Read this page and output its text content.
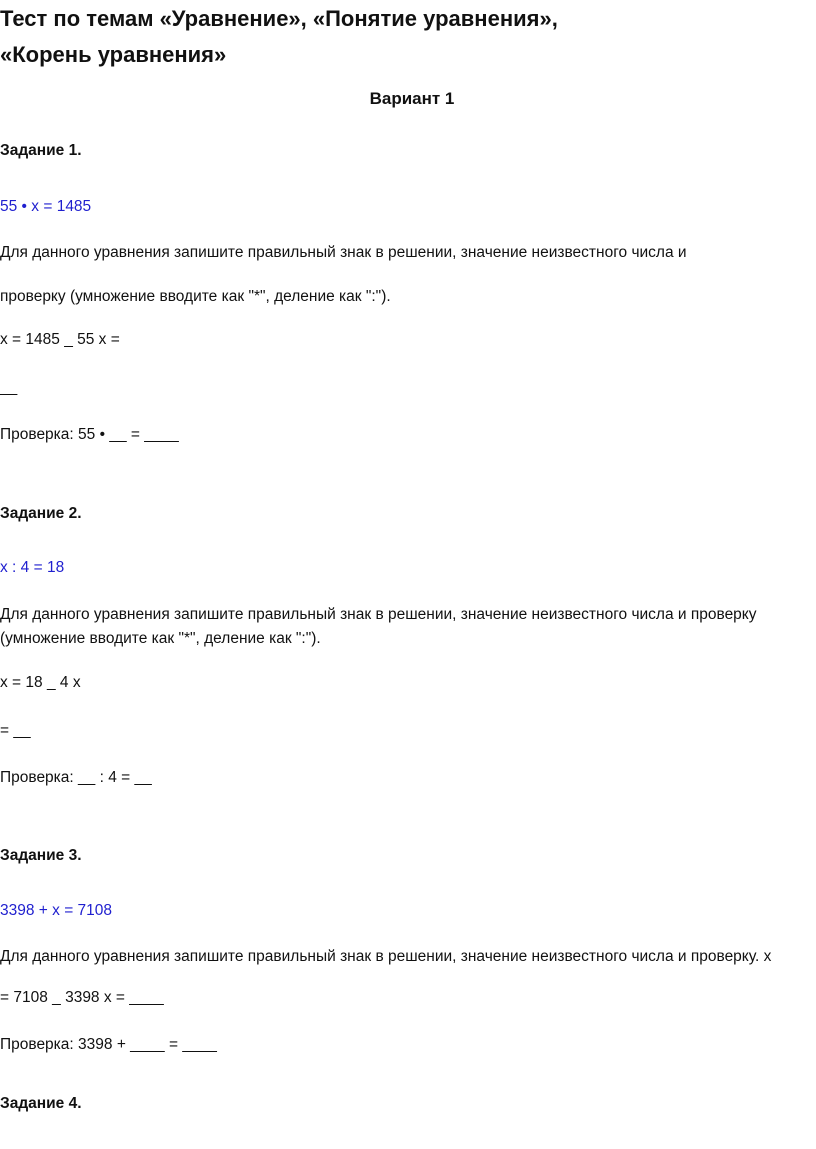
Тест по темам «Уравнение», «Понятие уравнения»,
«Корень уравнения»
Вариант 1
Задание 1.
55 • x = 1485
Для данного уравнения запишите правильный знак в решении, значение неизвестного числа и
проверку (умножение вводите как "*", деление как ":").
x = 1485 _ 55 x =
__
Проверка: 55 • __ = ____
Задание 2.
x : 4 = 18
Для данного уравнения запишите правильный знак в решении, значение неизвестного числа и проверку
(умножение вводите как "*", деление как ":").
x = 18 _ 4 x
= __
Проверка: __ : 4 = __
Задание 3.
3398 + x = 7108
Для данного уравнения запишите правильный знак в решении, значение неизвестного числа и проверку. x
= 7108 _ 3398 x = ____
Проверка: 3398 + ____ = ____
Задание 4.
